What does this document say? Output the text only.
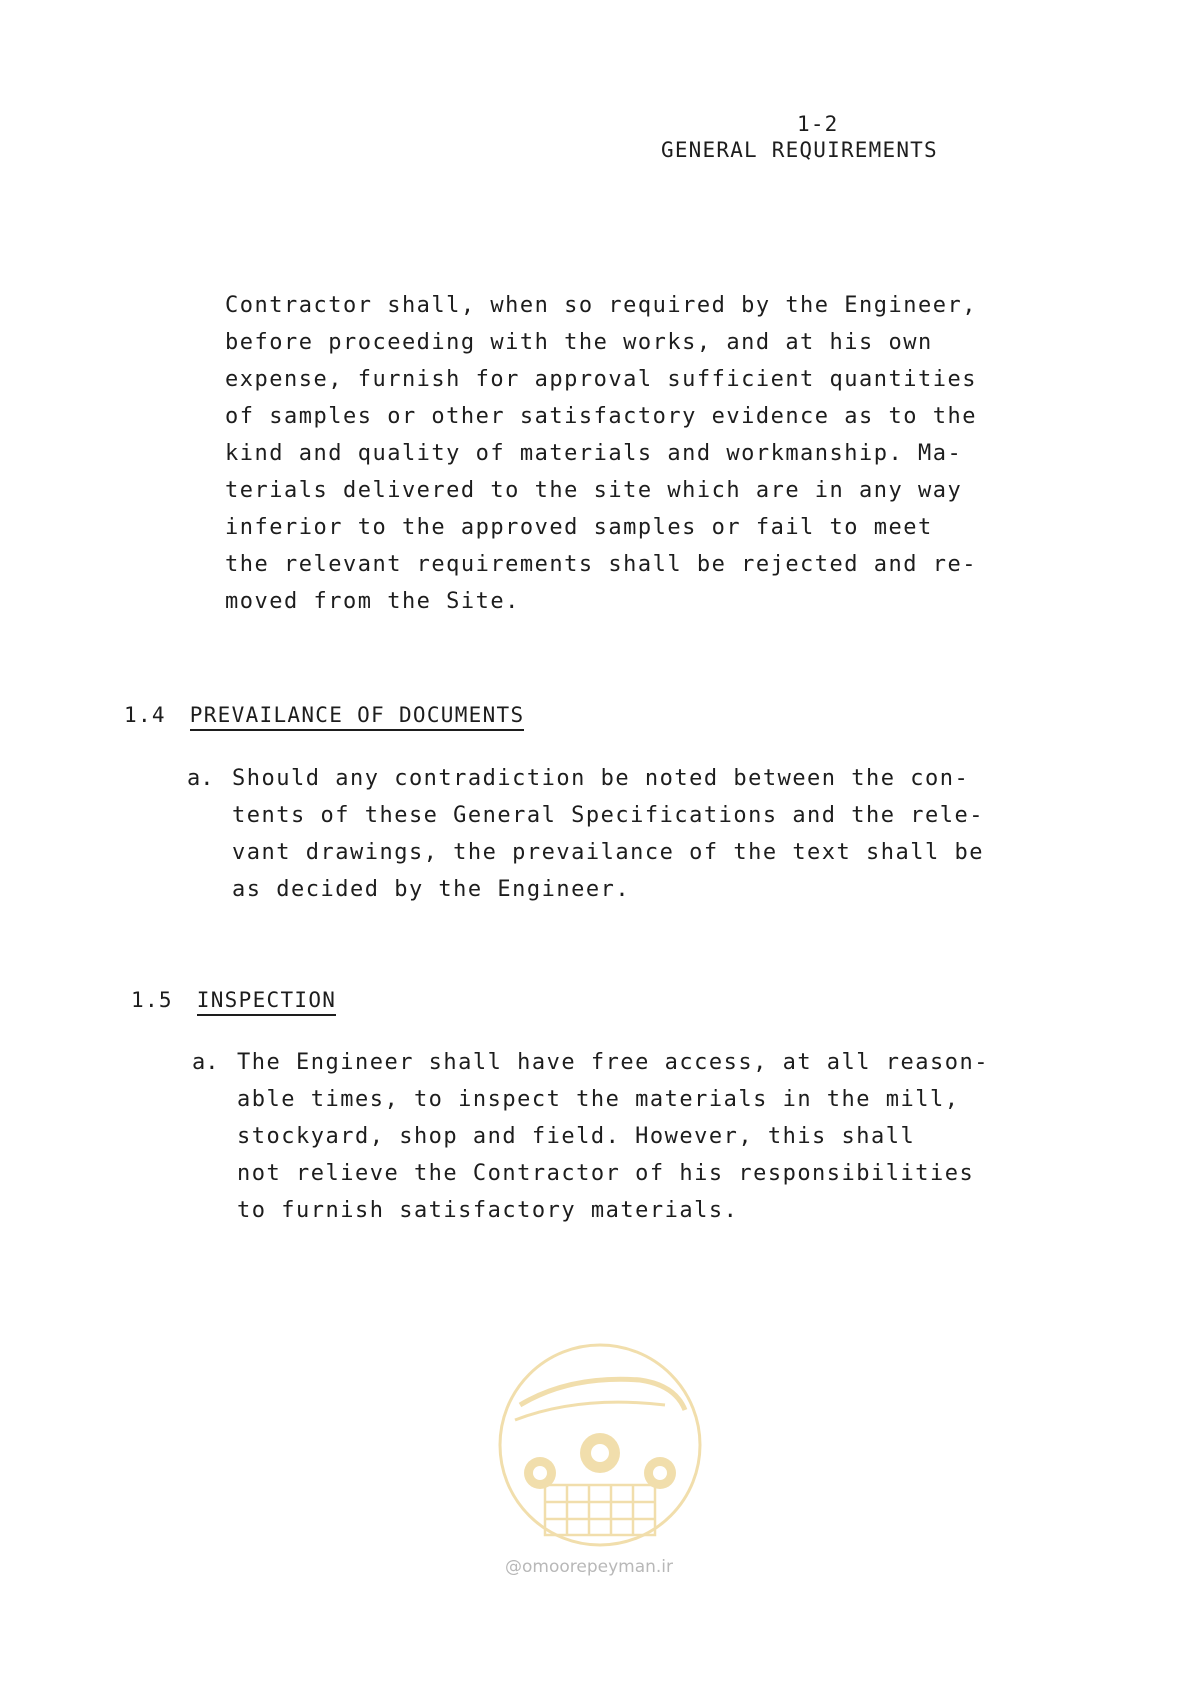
1-2
GENERAL REQUIREMENTS
Contractor shall, when so required by the Engineer,
before proceeding with the works, and at his own
expense, furnish for approval sufficient quantities
of samples or other satisfactory evidence as to the
kind and quality of materials and workmanship. Ma-
terials delivered to the site which are in any way
inferior to the approved samples or fail to meet
the relevant requirements shall be rejected and re-
moved from the Site.
1.4 PREVAILANCE OF DOCUMENTS
a. Should any contradiction be noted between the con-
tents of these General Specifications and the rele-
vant drawings, the prevailance of the text shall be
as decided by the Engineer.
1.5 INSPECTION
a. The Engineer shall have free access, at all reason-
able times, to inspect the materials in the mill,
stockyard, shop and field. However, this shall
not relieve the Contractor of his responsibilities
to furnish satisfactory materials.
@omoorepeyman.ir
